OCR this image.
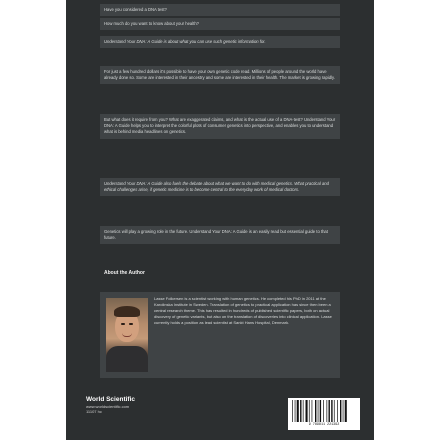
Have you considered a DNA test?

How much do you want to know about your health?

Understand Your DNA: A Guide is about what you can use such genetic information for.

For just a few hundred dollars it's possible to have your own genetic code read. Millions of people around the world have already done so. Some are interested in their ancestry and some are interested in their health. The market is growing rapidly.

But what does it require from you? What are exaggerated claims, and what is the actual use of a DNA-test? Understand Your DNA: A Guide helps you to interpret the colorful plots of consumer genetics into perspective, and enables you to understand what is behind media headlines on genetics.

Understand Your DNA: A Guide also fuels the debate about what we want to do with medical genetics. What practical and ethical challenges arise, if genetic medicine is to become central to the everyday work of medical doctors.

Genetics will play a growing role in the future. Understand Your DNA: A Guide is an easily read but essential guide to that future.

About the Author
Lasse Folkersen is a scientist working with human genetics. He completed his PhD in 2011 at the Karolinska Institute in Sweden. Translation of genetics to practical application has since then been a central research theme. This has resulted in hundreds of published scientific papers, both on actual discovery of genetic variants, but also on the translation of discoveries into clinical application. Lasse currently holds a position as lead scientist at Sankt Hans Hospital, Denmark.
World Scientific
www.worldscientific.com
11107 hc
9 789811 221392
